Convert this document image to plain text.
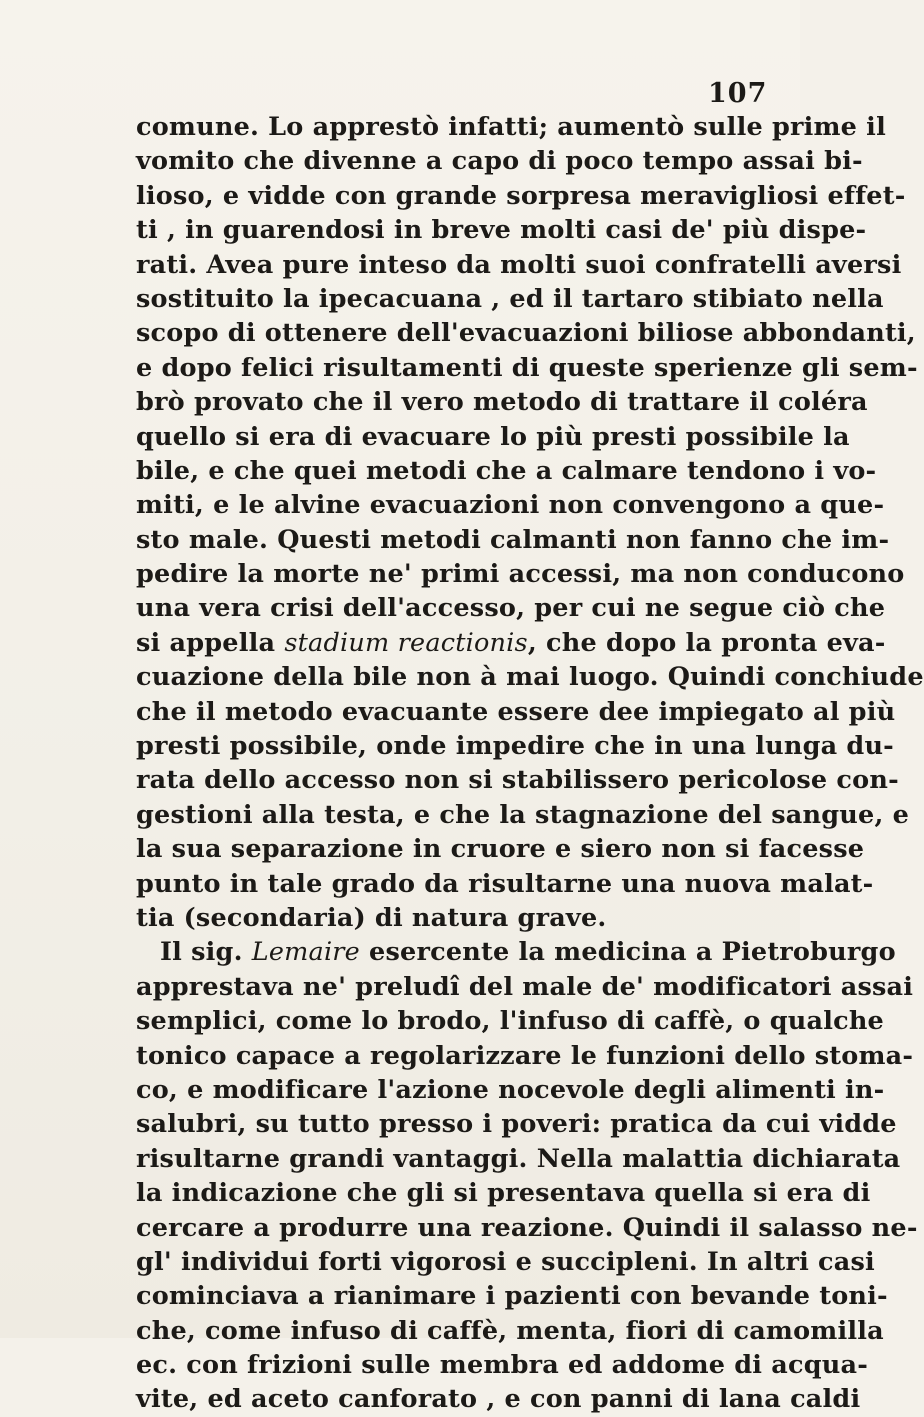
107
comune. Lo apprestò infatti; aumentò sulle prime il
vomito che divenne a capo di poco tempo assai bi-
lioso, e vidde con grande sorpresa meravigliosi effet-
ti , in guarendosi in breve molti casi de' più dispe-
rati. Avea pure inteso da molti suoi confratelli aversi
sostituito la ipecacuana , ed il tartaro stibiato nella
scopo di ottenere dell'evacuazioni biliose abbondanti,
e dopo felici risultamenti di queste sperienze gli sem-
brò provato che il vero metodo di trattare il coléra
quello si era di evacuare lo più presti possibile la
bile, e che quei metodi che a calmare tendono i vo-
miti, e le alvine evacuazioni non convengono a que-
sto male. Questi metodi calmanti non fanno che im-
pedire la morte ne' primi accessi, ma non conducono
una vera crisi dell'accesso, per cui ne segue ciò che
si appella stadium reactionis, che dopo la pronta eva-
cuazione della bile non à mai luogo. Quindi conchiude
che il metodo evacuante essere dee impiegato al più
presti possibile, onde impedire che in una lunga du-
rata dello accesso non si stabilissero pericolose con-
gestioni alla testa, e che la stagnazione del sangue, e
la sua separazione in cruore e siero non si facesse
punto in tale grado da risultarne una nuova malat-
tia (secondaria) di natura grave.
Il sig. Lemaire esercente la medicina a Pietroburgo
apprestava ne' preludî del male de' modificatori assai
semplici, come lo brodo, l'infuso di caffè, o qualche
tonico capace a regolarizzare le funzioni dello stoma-
co, e modificare l'azione nocevole degli alimenti in-
salubri, su tutto presso i poveri: pratica da cui vidde
risultarne grandi vantaggi. Nella malattia dichiarata
la indicazione che gli si presentava quella si era di
cercare a produrre una reazione. Quindi il salasso ne-
gl' individui forti vigorosi e succipleni. In altri casi
cominciava a rianimare i pazienti con bevande toni-
che, come infuso di caffè, menta, fiori di camomilla
ec. con frizioni sulle membra ed addome di acqua-
vite, ed aceto canforato , e con panni di lana caldi
